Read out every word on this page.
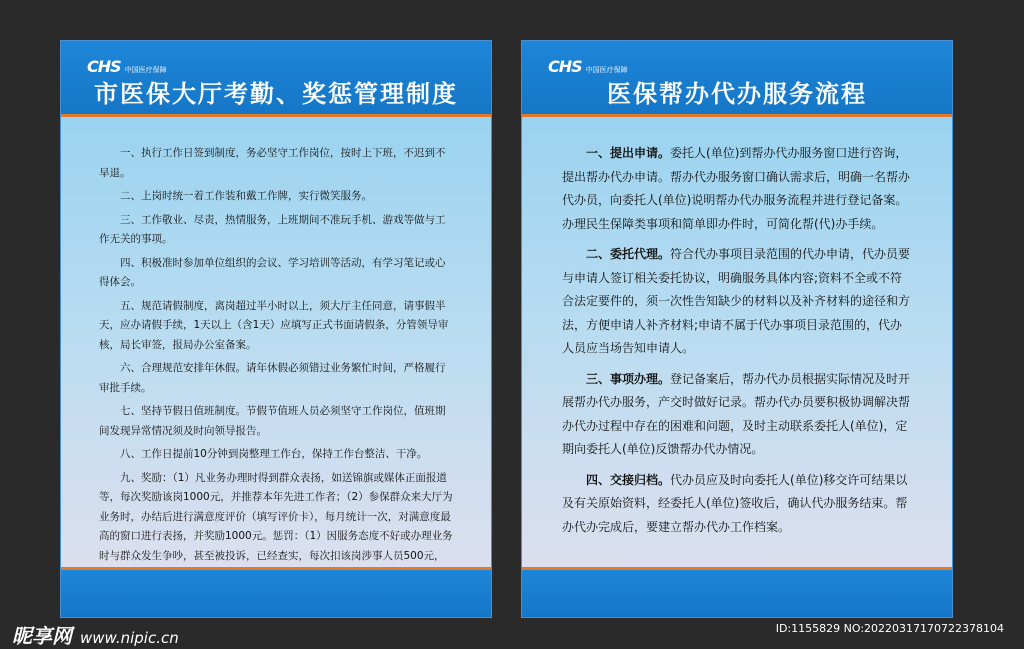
CHS 中国医疗保障
市医保大厅考勤、奖惩管理制度

一、执行工作日签到制度，务必坚守工作岗位，按时上下班，不迟到不早退。

二、上岗时统一着工作装和戴工作牌，实行微笑服务。

三、工作敬业、尽责，热情服务，上班期间不准玩手机、游戏等做与工作无关的事项。

四、积极准时参加单位组织的会议、学习培训等活动，有学习笔记或心得体会。

五、规范请假制度，离岗超过半小时以上，须大厅主任同意，请事假半天，应办请假手续，1天以上（含1天）应填写正式书面请假条，分管领导审核，局长审签，报局办公室备案。

六、合理规范安排年休假。请年休假必须错过业务繁忙时间，严格履行审批手续。

七、坚持节假日值班制度。节假节值班人员必须坚守工作岗位，值班期间发现异常情况须及时向领导报告。

八、工作日提前10分钟到岗整理工作台，保持工作台整洁、干净。

九、奖励：（1）凡业务办理时得到群众表扬，如送锦旗或媒体正面报道等，每次奖励该岗1000元，并推荐本年先进工作者；（2）参保群众来大厅为业务时，办结后进行满意度评价（填写评价卡），每月统计一次，对满意度最高的窗口进行表扬，并奖励1000元。惩罚：（1）因服务态度不好或办理业务时与群众发生争吵，甚至被投诉，已经查实，每次扣该岗涉事人员500元，

CHS 中国医疗保障
医保帮办代办服务流程

一、提出申请。委托人(单位)到帮办代办服务窗口进行咨询，提出帮办代办申请。帮办代办服务窗口确认需求后，明确一名帮办代办员，向委托人(单位)说明帮办代办服务流程并进行登记备案。办理民生保障类事项和简单即办件时，可简化帮(代)办手续。

二、委托代理。符合代办事项目录范围的代办申请，代办员要与申请人签订相关委托协议，明确服务具体内容;资料不全或不符合法定要件的，须一次性告知缺少的材料以及补齐材料的途径和方法，方便申请人补齐材料;申请不属于代办事项目录范围的，代办人员应当场告知申请人。

三、事项办理。登记备案后，帮办代办员根据实际情况及时开展帮办代办服务，产交时做好记录。帮办代办员要积极协调解决帮办代办过程中存在的困难和问题，及时主动联系委托人(单位)，定期向委托人(单位)反馈帮办代办情况。

四、交接归档。代办员应及时向委托人(单位)移交许可结果以及有关原始资料，经委托人(单位)签收后，确认代办服务结束。帮办代办完成后，要建立帮办代办工作档案。

昵享网 www.nipic.cn
ID:1155829 NO:20220317170722378104
